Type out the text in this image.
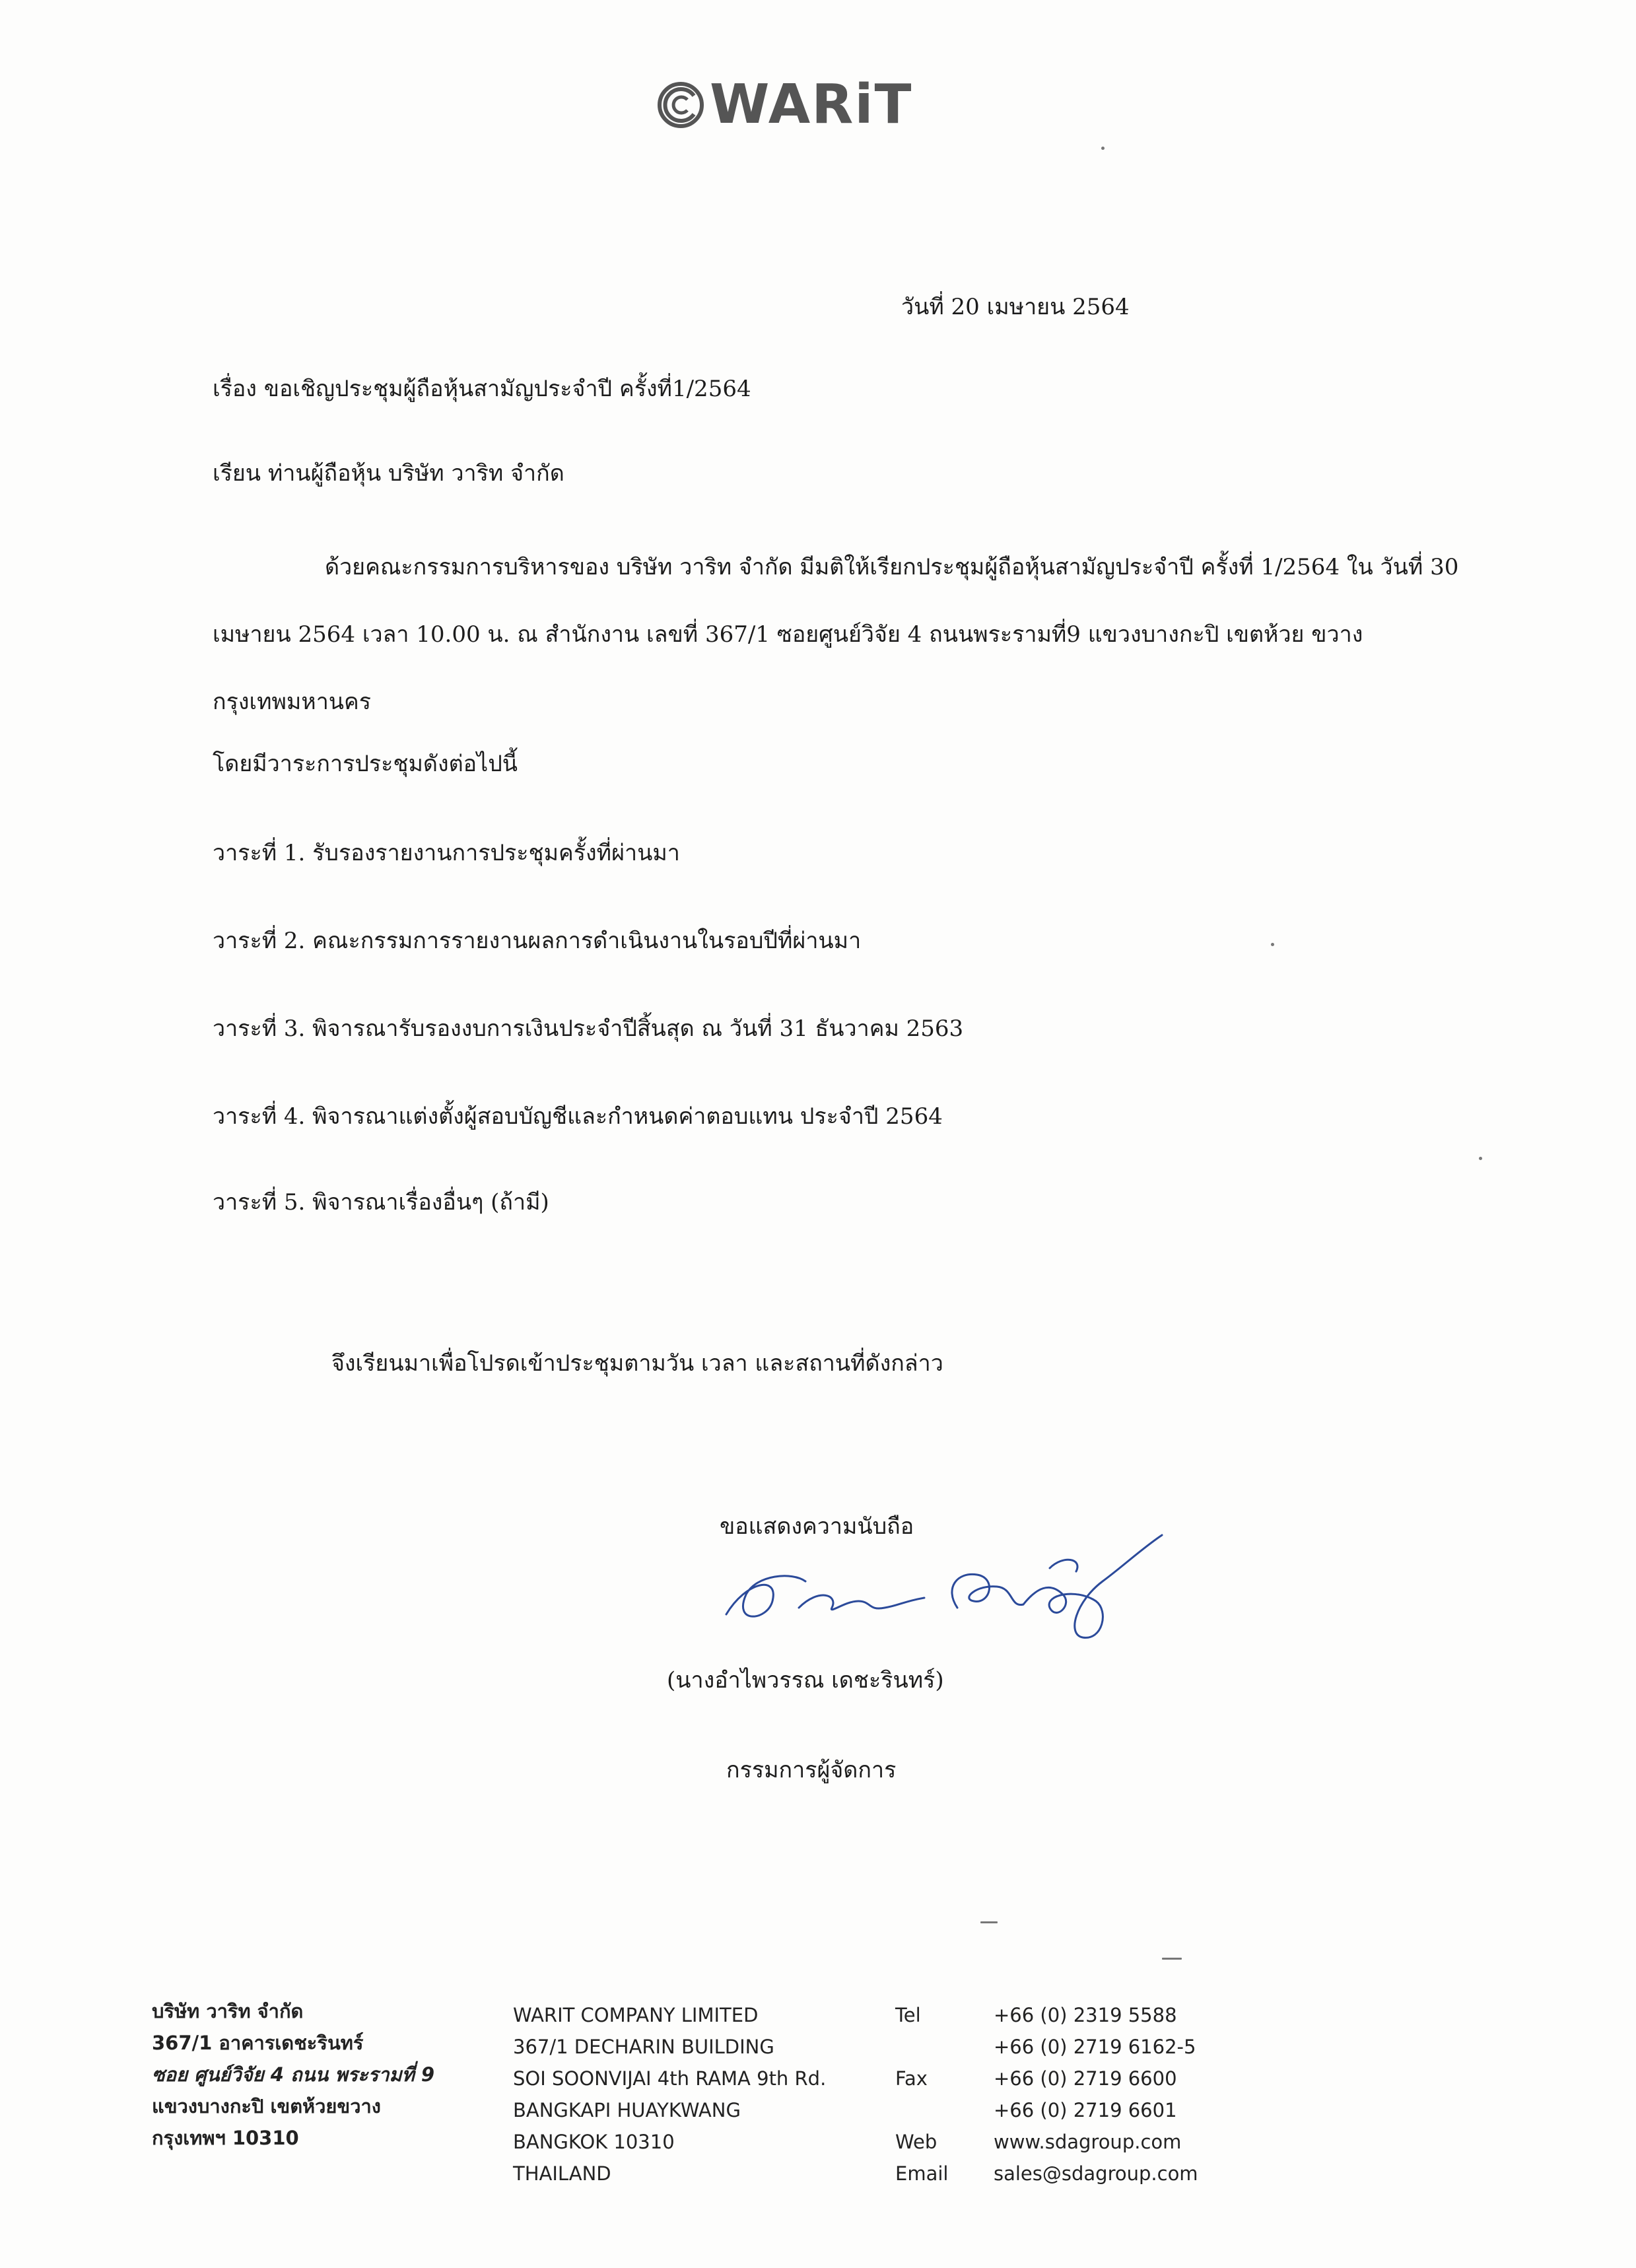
WARiT
วันที่ 20 เมษายน 2564
เรื่อง ขอเชิญประชุมผู้ถือหุ้นสามัญประจำปี ครั้งที่1/2564
เรียน ท่านผู้ถือหุ้น บริษัท วาริท จำกัด
ด้วยคณะกรรมการบริหารของ บริษัท วาริท จำกัด มีมติให้เรียกประชุมผู้ถือหุ้นสามัญประจำปี ครั้งที่ 1/2564 ใน วันที่ 30 เมษายน 2564 เวลา 10.00 น. ณ สำนักงาน เลขที่ 367/1 ซอยศูนย์วิจัย 4 ถนนพระรามที่9 แขวงบางกะปิ เขตห้วย ขวาง กรุงเทพมหานคร
โดยมีวาระการประชุมดังต่อไปนี้
วาระที่ 1. รับรองรายงานการประชุมครั้งที่ผ่านมา
วาระที่ 2. คณะกรรมการรายงานผลการดำเนินงานในรอบปีที่ผ่านมา
วาระที่ 3. พิจารณารับรองงบการเงินประจำปีสิ้นสุด ณ วันที่ 31 ธันวาคม 2563
วาระที่ 4. พิจารณาแต่งตั้งผู้สอบบัญชีและกำหนดค่าตอบแทน ประจำปี 2564
วาระที่ 5. พิจารณาเรื่องอื่นๆ (ถ้ามี)
จึงเรียนมาเพื่อโปรดเข้าประชุมตามวัน เวลา และสถานที่ดังกล่าว
ขอแสดงความนับถือ
(นางอำไพวรรณ เดชะรินทร์)
กรรมการผู้จัดการ
บริษัท วาริท จำกัด
367/1 อาคารเดชะรินทร์
ซอย ศูนย์วิจัย 4 ถนน พระรามที่ 9
แขวงบางกะปิ เขตห้วยขวาง
กรุงเทพฯ 10310
WARIT COMPANY LIMITED
367/1 DECHARIN BUILDING
SOI SOONVIJAI 4th RAMA 9th Rd.
BANGKAPI HUAYKWANG
BANGKOK 10310
THAILAND
Tel

Fax

Web
Email
+66 (0) 2319 5588
+66 (0) 2719 6162-5
+66 (0) 2719 6600
+66 (0) 2719 6601
www.sdagroup.com
sales@sdagroup.com
